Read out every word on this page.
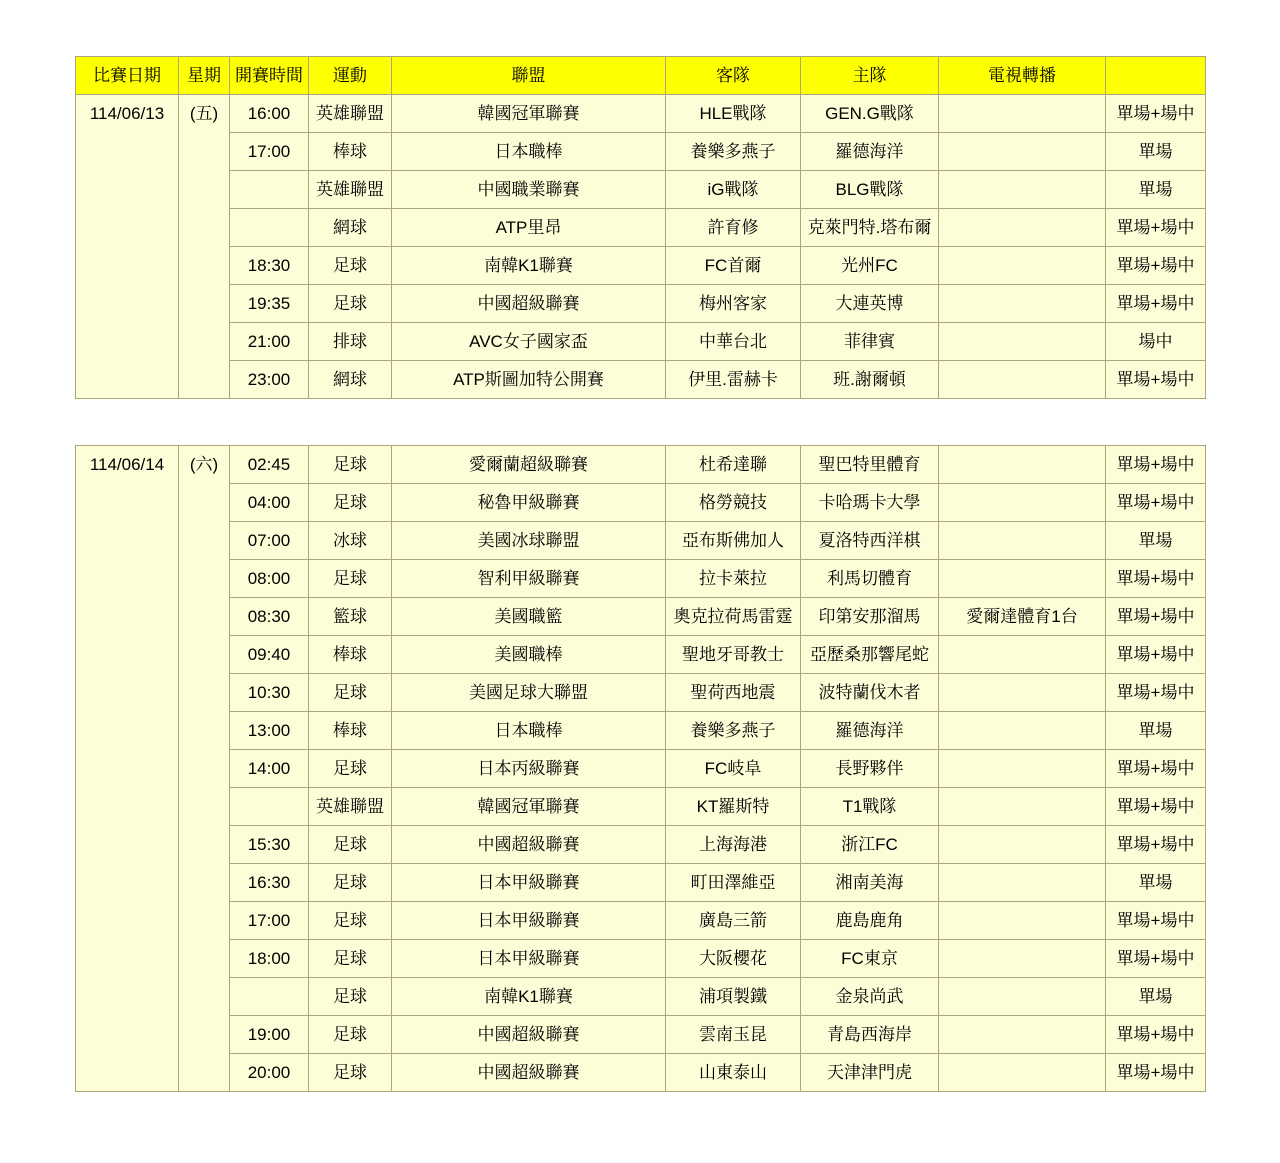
比賽日期	星期	開賽時間	運動	聯盟	客隊	主隊	電視轉播	
114/06/13	(五)	16:00	英雄聯盟	韓國冠軍聯賽	HLE戰隊	GEN.G戰隊		單場+場中
		17:00	棒球	日本職棒	養樂多燕子	羅德海洋		單場
			英雄聯盟	中國職業聯賽	iG戰隊	BLG戰隊		單場
			網球	ATP里昂	許育修	克萊門特.塔布爾		單場+場中
		18:30	足球	南韓K1聯賽	FC首爾	光州FC		單場+場中
		19:35	足球	中國超級聯賽	梅州客家	大連英博		單場+場中
		21:00	排球	AVC女子國家盃	中華台北	菲律賓		場中
		23:00	網球	ATP斯圖加特公開賽	伊里.雷赫卡	班.謝爾頓		單場+場中
114/06/14	(六)	02:45	足球	愛爾蘭超級聯賽	杜希達聯	聖巴特里體育		單場+場中
		04:00	足球	秘魯甲級聯賽	格勞競技	卡哈瑪卡大學		單場+場中
		07:00	冰球	美國冰球聯盟	亞布斯佛加人	夏洛特西洋棋		單場
		08:00	足球	智利甲級聯賽	拉卡萊拉	利馬切體育		單場+場中
		08:30	籃球	美國職籃	奧克拉荷馬雷霆	印第安那溜馬	愛爾達體育1台	單場+場中
		09:40	棒球	美國職棒	聖地牙哥教士	亞歷桑那響尾蛇		單場+場中
		10:30	足球	美國足球大聯盟	聖荷西地震	波特蘭伐木者		單場+場中
		13:00	棒球	日本職棒	養樂多燕子	羅德海洋		單場
		14:00	足球	日本丙級聯賽	FC岐阜	長野夥伴		單場+場中
			英雄聯盟	韓國冠軍聯賽	KT羅斯特	T1戰隊		單場+場中
		15:30	足球	中國超級聯賽	上海海港	浙江FC		單場+場中
		16:30	足球	日本甲級聯賽	町田澤維亞	湘南美海		單場
		17:00	足球	日本甲級聯賽	廣島三箭	鹿島鹿角		單場+場中
		18:00	足球	日本甲級聯賽	大阪櫻花	FC東京		單場+場中
			足球	南韓K1聯賽	浦項製鐵	金泉尚武		單場
		19:00	足球	中國超級聯賽	雲南玉昆	青島西海岸		單場+場中
		20:00	足球	中國超級聯賽	山東泰山	天津津門虎		單場+場中
